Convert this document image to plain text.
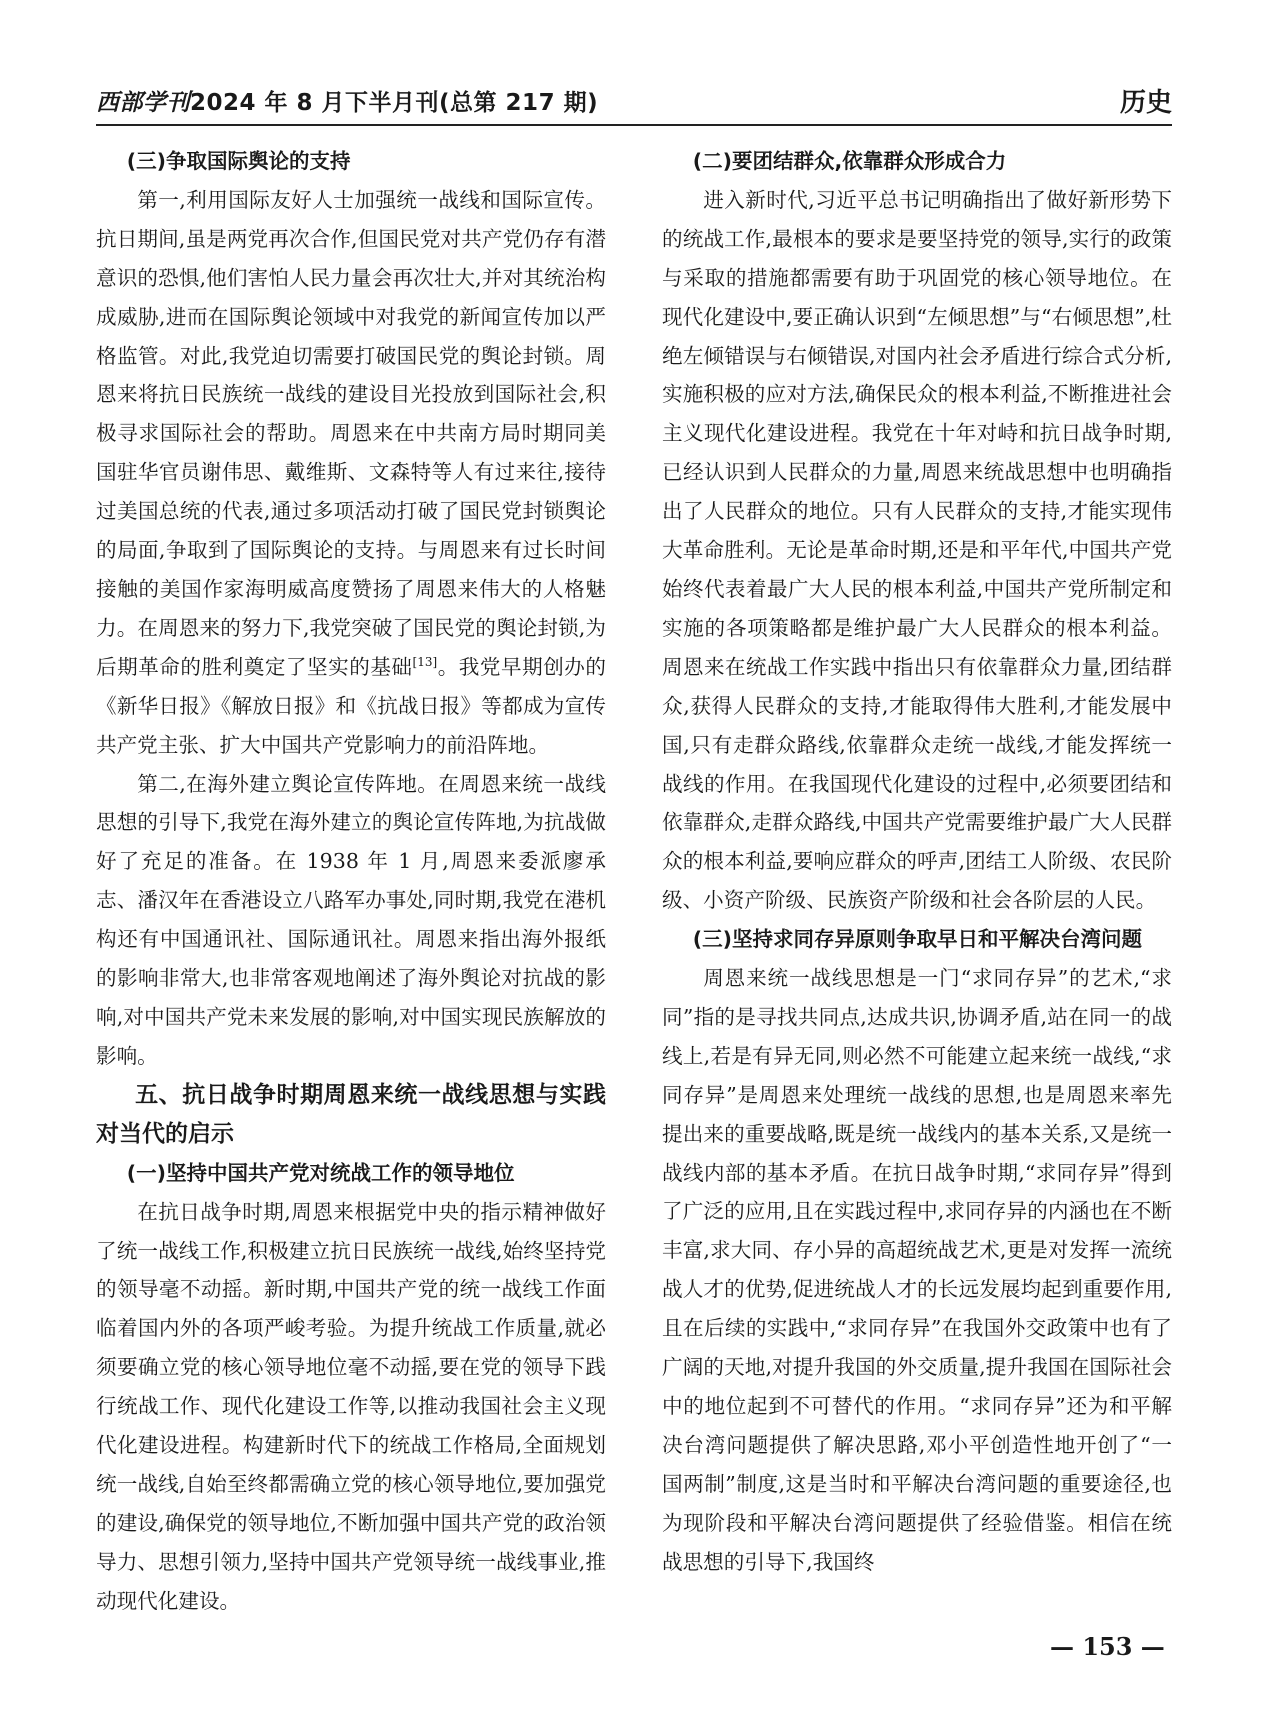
西部学刊2024 年 8 月下半月刊(总第 217 期)	历史
(三)争取国际舆论的支持

第一,利用国际友好人士加强统一战线和国际宣传。抗日期间,虽是两党再次合作,但国民党对共产党仍存有潜意识的恐惧,他们害怕人民力量会再次壮大,并对其统治构成威胁,进而在国际舆论领域中对我党的新闻宣传加以严格监管。对此,我党迫切需要打破国民党的舆论封锁。周恩来将抗日民族统一战线的建设目光投放到国际社会,积极寻求国际社会的帮助。周恩来在中共南方局时期同美国驻华官员谢伟思、戴维斯、文森特等人有过来往,接待过美国总统的代表,通过多项活动打破了国民党封锁舆论的局面,争取到了国际舆论的支持。与周恩来有过长时间接触的美国作家海明威高度赞扬了周恩来伟大的人格魅力。在周恩来的努力下,我党突破了国民党的舆论封锁,为后期革命的胜利奠定了坚实的基础[13]。我党早期创办的《新华日报》《解放日报》和《抗战日报》等都成为宣传共产党主张、扩大中国共产党影响力的前沿阵地。

第二,在海外建立舆论宣传阵地。在周恩来统一战线思想的引导下,我党在海外建立的舆论宣传阵地,为抗战做好了充足的准备。在 1938 年 1 月,周恩来委派廖承志、潘汉年在香港设立八路军办事处,同时期,我党在港机构还有中国通讯社、国际通讯社。周恩来指出海外报纸的影响非常大,也非常客观地阐述了海外舆论对抗战的影响,对中国共产党未来发展的影响,对中国实现民族解放的影响。

五、抗日战争时期周恩来统一战线思想与实践对当代的启示
(一)坚持中国共产党对统战工作的领导地位

在抗日战争时期,周恩来根据党中央的指示精神做好了统一战线工作,积极建立抗日民族统一战线,始终坚持党的领导毫不动摇。新时期,中国共产党的统一战线工作面临着国内外的各项严峻考验。为提升统战工作质量,就必须要确立党的核心领导地位毫不动摇,要在党的领导下践行统战工作、现代化建设工作等,以推动我国社会主义现代化建设进程。构建新时代下的统战工作格局,全面规划统一战线,自始至终都需确立党的核心领导地位,要加强党的建设,确保党的领导地位,不断加强中国共产党的政治领导力、思想引领力,坚持中国共产党领导统一战线事业,推动现代化建设。

(二)要团结群众,依靠群众形成合力

进入新时代,习近平总书记明确指出了做好新形势下的统战工作,最根本的要求是要坚持党的领导,实行的政策与采取的措施都需要有助于巩固党的核心领导地位。在现代化建设中,要正确认识到“左倾思想”与“右倾思想”,杜绝左倾错误与右倾错误,对国内社会矛盾进行综合式分析,实施积极的应对方法,确保民众的根本利益,不断推进社会主义现代化建设进程。我党在十年对峙和抗日战争时期,已经认识到人民群众的力量,周恩来统战思想中也明确指出了人民群众的地位。只有人民群众的支持,才能实现伟大革命胜利。无论是革命时期,还是和平年代,中国共产党始终代表着最广大人民的根本利益,中国共产党所制定和实施的各项策略都是维护最广大人民群众的根本利益。周恩来在统战工作实践中指出只有依靠群众力量,团结群众,获得人民群众的支持,才能取得伟大胜利,才能发展中国,只有走群众路线,依靠群众走统一战线,才能发挥统一战线的作用。在我国现代化建设的过程中,必须要团结和依靠群众,走群众路线,中国共产党需要维护最广大人民群众的根本利益,要响应群众的呼声,团结工人阶级、农民阶级、小资产阶级、民族资产阶级和社会各阶层的人民。

(三)坚持求同存异原则争取早日和平解决台湾问题

周恩来统一战线思想是一门“求同存异”的艺术,“求同”指的是寻找共同点,达成共识,协调矛盾,站在同一的战线上,若是有异无同,则必然不可能建立起来统一战线,“求同存异”是周恩来处理统一战线的思想,也是周恩来率先提出来的重要战略,既是统一战线内的基本关系,又是统一战线内部的基本矛盾。在抗日战争时期,“求同存异”得到了广泛的应用,且在实践过程中,求同存异的内涵也在不断丰富,求大同、存小异的高超统战艺术,更是对发挥一流统战人才的优势,促进统战人才的长远发展均起到重要作用,且在后续的实践中,“求同存异”在我国外交政策中也有了广阔的天地,对提升我国的外交质量,提升我国在国际社会中的地位起到不可替代的作用。“求同存异”还为和平解决台湾问题提供了解决思路,邓小平创造性地开创了“一国两制”制度,这是当时和平解决台湾问题的重要途径,也为现阶段和平解决台湾问题提供了经验借鉴。相信在统战思想的引导下,我国终

— 153 —
